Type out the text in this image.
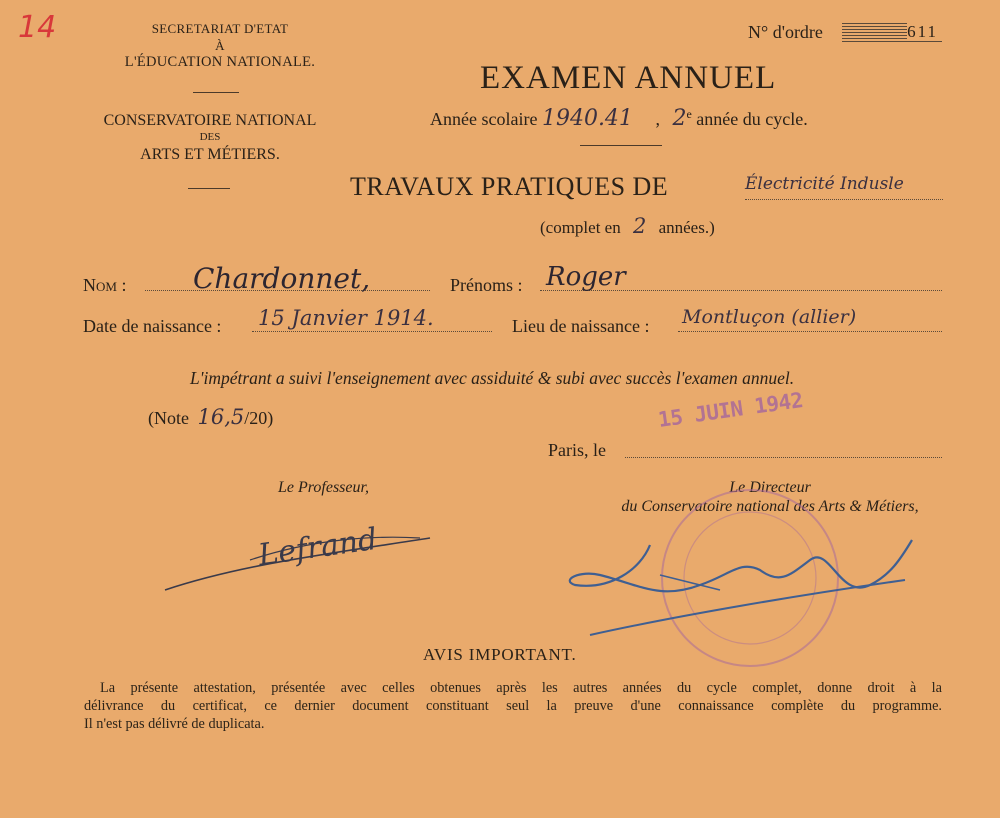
14	SECRETARIAT D'ETAT
À
L'ÉDUCATION NATIONALE.
CONSERVATOIRE NATIONAL
DES
ARTS ET MÉTIERS.
N° d'ordre	611
EXAMEN ANNUEL
Année scolaire 1940.41 , 2e année du cycle.
TRAVAUX PRATIQUES DE	Électricité Indusle
(complet en 2 années.)
Nom :	Chardonnet,	Prénoms : Roger
Date de naissance : 15 Janvier 1914.	Lieu de naissance : Montluçon (allier)
L'impétrant a suivi l'enseignement avec assiduité & subi avec succès l'examen annuel.
(Note 16,5/20)	15 JUIN 1942
Paris, le
Le Professeur,
Lefrand
Le Directeur
du Conservatoire national des Arts & Métiers,
AVIS IMPORTANT.
La présente attestation, présentée avec celles obtenues après les autres années du cycle complet, donne droit à la
délivrance du certificat, ce dernier document constituant seul la preuve d'une connaissance complète du programme.
Il n'est pas délivré de duplicata.
